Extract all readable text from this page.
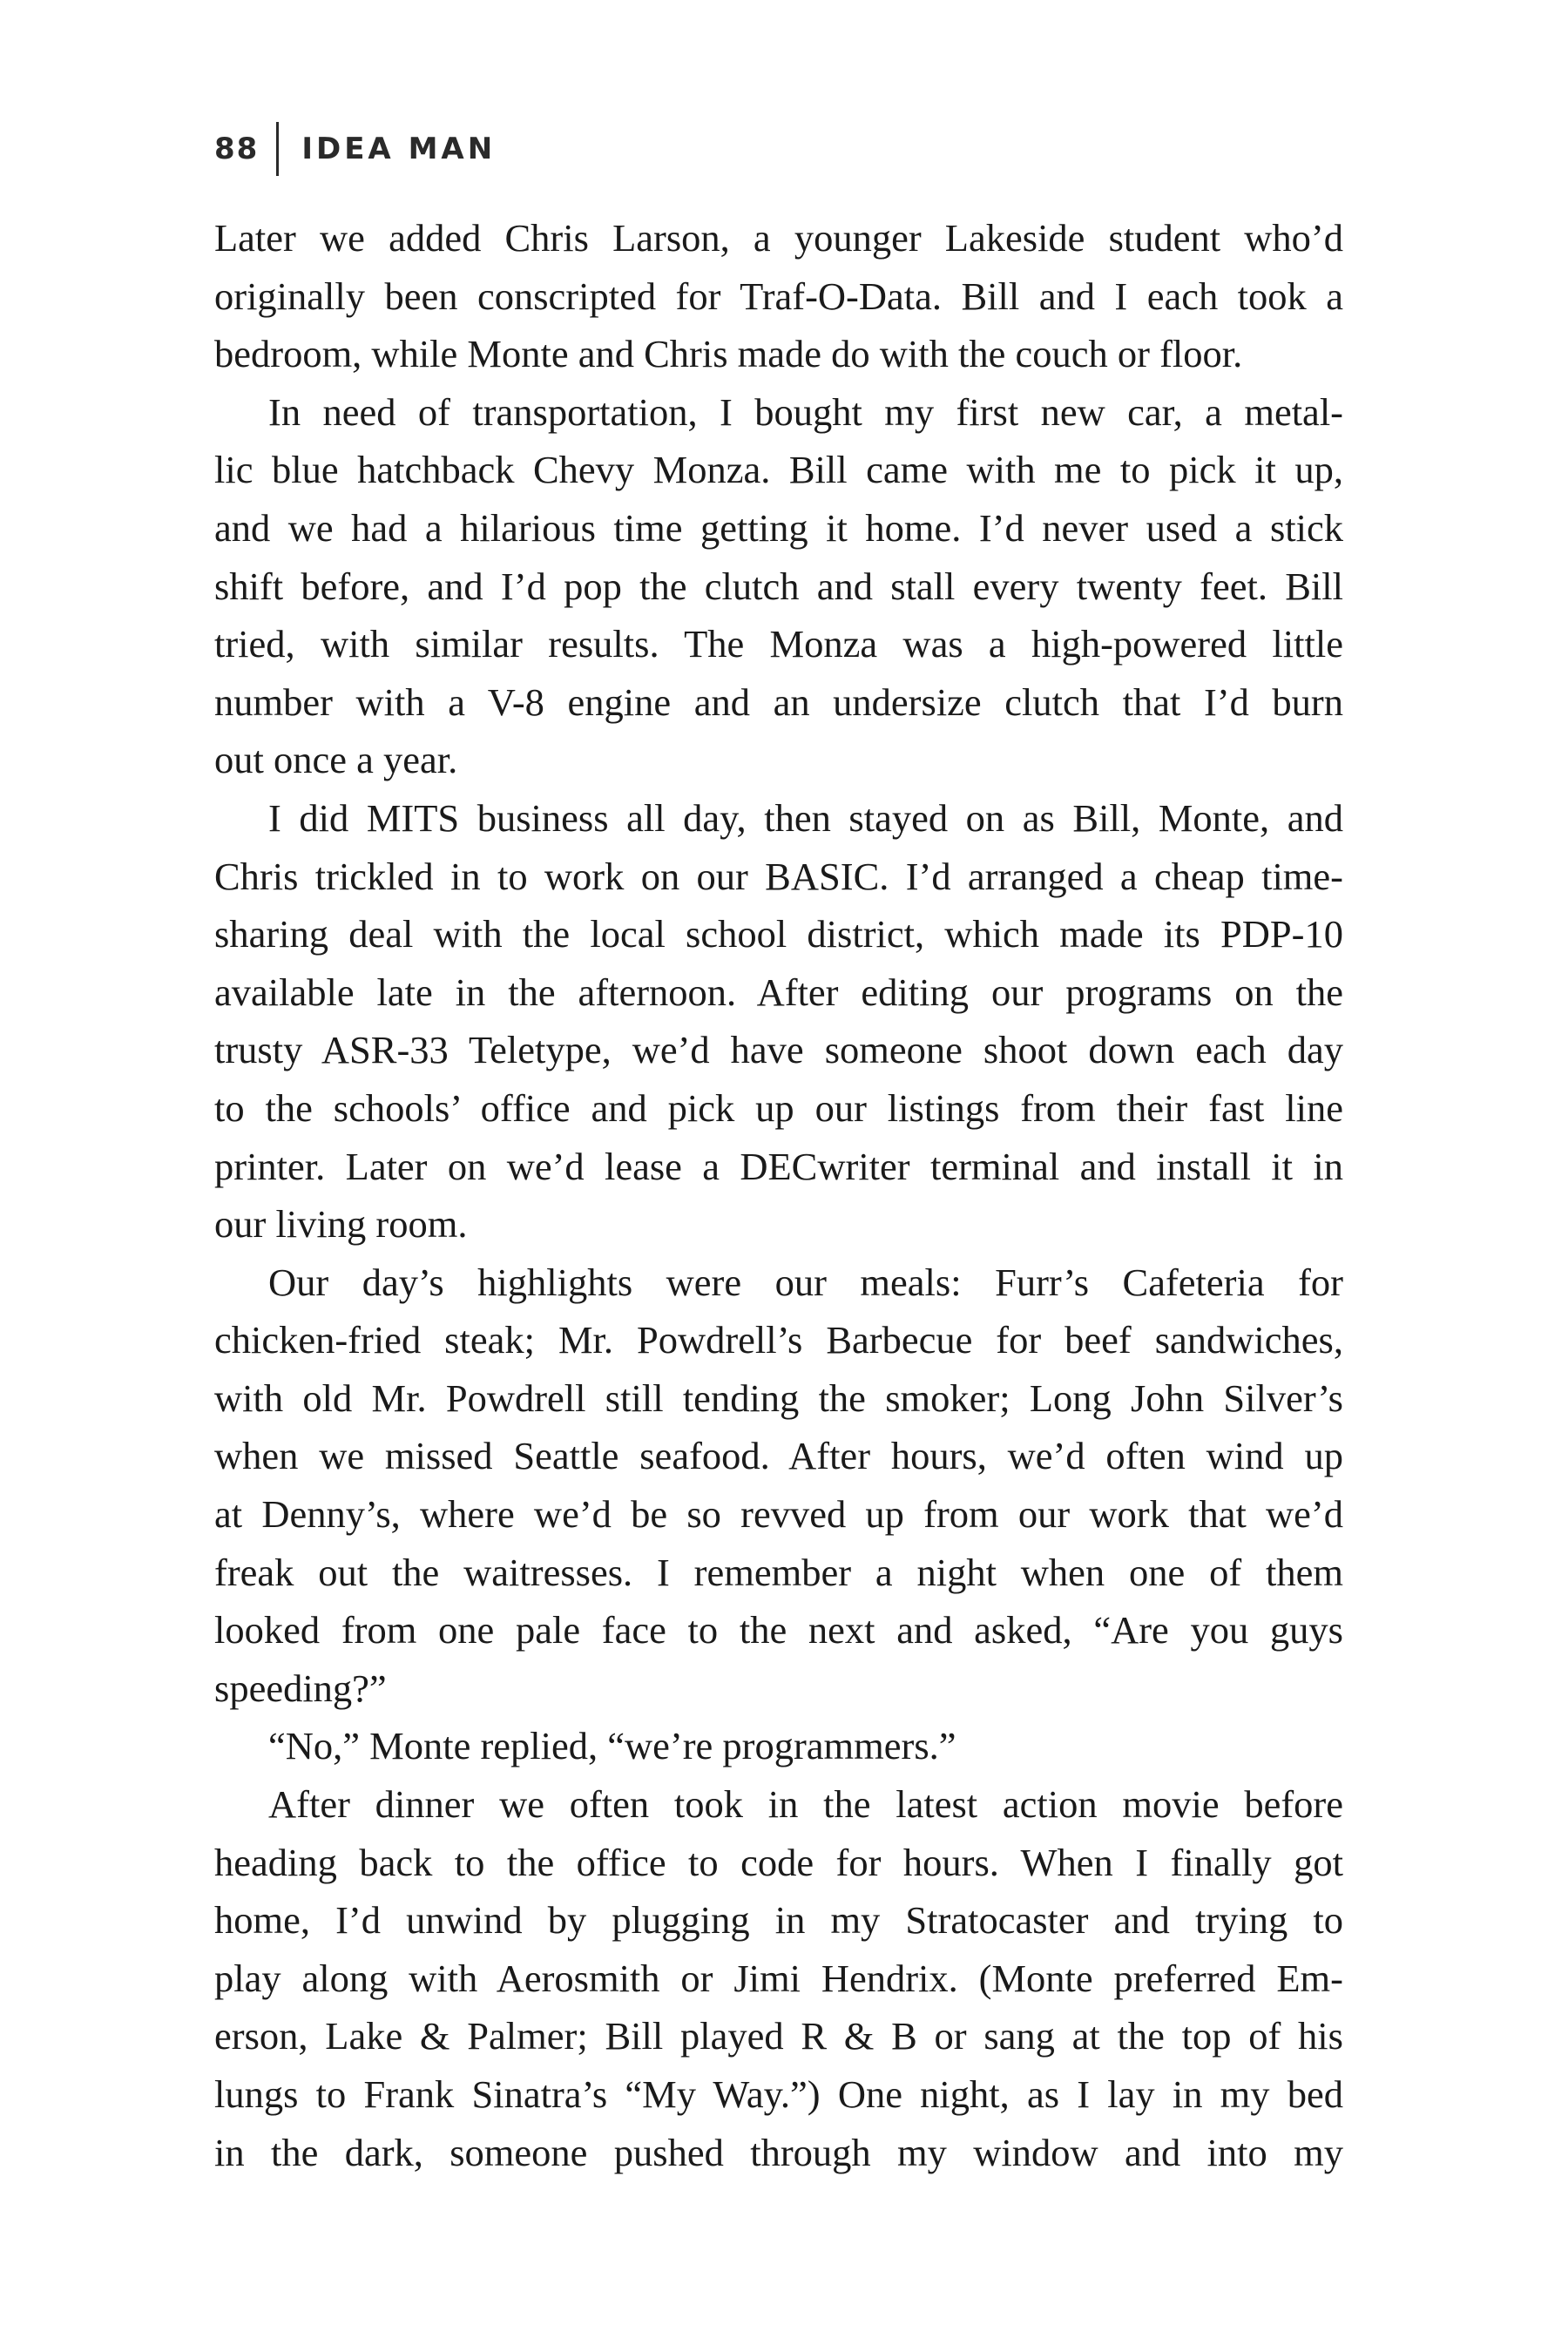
88 IDEA MAN
Later we added Chris Larson, a younger Lakeside student who’d
originally been conscripted for Traf-O-Data. Bill and I each took a
bedroom, while Monte and Chris made do with the couch or floor.
In need of transportation, I bought my first new car, a metal-
lic blue hatchback Chevy Monza. Bill came with me to pick it up,
and we had a hilarious time getting it home. I’d never used a stick
shift before, and I’d pop the clutch and stall every twenty feet. Bill
tried, with similar results. The Monza was a high-powered little
number with a V-8 engine and an undersize clutch that I’d burn
out once a year.
I did MITS business all day, then stayed on as Bill, Monte, and
Chris trickled in to work on our BASIC. I’d arranged a cheap time-
sharing deal with the local school district, which made its PDP-10
available late in the afternoon. After editing our programs on the
trusty ASR-33 Teletype, we’d have someone shoot down each day
to the schools’ office and pick up our listings from their fast line
printer. Later on we’d lease a DECwriter terminal and install it in
our living room.
Our day’s highlights were our meals: Furr’s Cafeteria for
chicken-fried steak; Mr. Powdrell’s Barbecue for beef sandwiches,
with old Mr. Powdrell still tending the smoker; Long John Silver’s
when we missed Seattle seafood. After hours, we’d often wind up
at Denny’s, where we’d be so revved up from our work that we’d
freak out the waitresses. I remember a night when one of them
looked from one pale face to the next and asked, “Are you guys
speeding?”
“No,” Monte replied, “we’re programmers.”
After dinner we often took in the latest action movie before
heading back to the office to code for hours. When I finally got
home, I’d unwind by plugging in my Stratocaster and trying to
play along with Aerosmith or Jimi Hendrix. (Monte preferred Em-
erson, Lake & Palmer; Bill played R & B or sang at the top of his
lungs to Frank Sinatra’s “My Way.”) One night, as I lay in my bed
in the dark, someone pushed through my window and into my
